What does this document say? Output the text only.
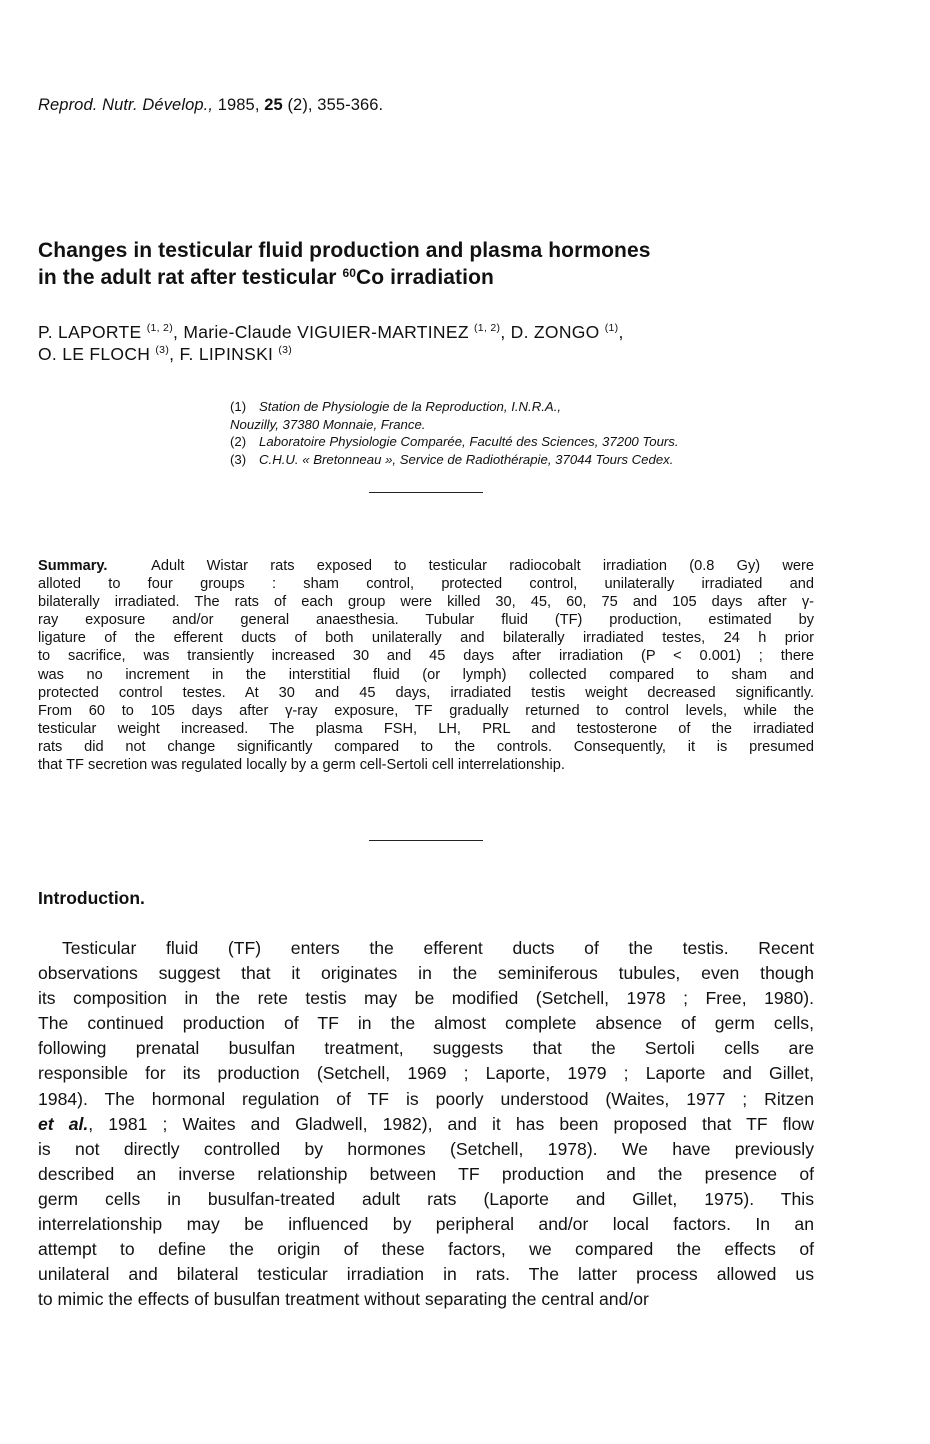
Reprod. Nutr. Dévelop., 1985, 25 (2), 355-366.
Changes in testicular fluid production and plasma hormones
in the adult rat after testicular $^{60}$Co irradiation
P. LAPORTE $^{(1, 2)}$, Marie-Claude VIGUIER-MARTINEZ $^{(1, 2)}$, D. ZONGO $^{(1)}$,
O. LE FLOCH $^{(3)}$, F. LIPINSKI $^{(3)}$
(1) Station de Physiologie de la Reproduction, I.N.R.A.,
Nouzilly, 37380 Monnaie, France.
(2) Laboratoire Physiologie Comparée, Faculté des Sciences, 37200 Tours.
(3) C.H.U. « Bretonneau », Service de Radiothérapie, 37044 Tours Cedex.
Summary.	Adult Wistar rats exposed to testicular radiocobalt irradiation (0.8 Gy) were
alloted to four groups : sham control, protected control, unilaterally irradiated and
bilaterally irradiated. The rats of each group were killed 30, 45, 60, 75 and 105 days after γ-
ray exposure and/or general anaesthesia. Tubular fluid (TF) production, estimated by
ligature of the efferent ducts of both unilaterally and bilaterally irradiated testes, 24 h prior
to sacrifice, was transiently increased 30 and 45 days after irradiation (P < 0.001) ; there
was no increment in the interstitial fluid (or lymph) collected compared to sham and
protected control testes. At 30 and 45 days, irradiated testis weight decreased significantly.
From 60 to 105 days after γ-ray exposure, TF gradually returned to control levels, while the
testicular weight increased. The plasma FSH, LH, PRL and testosterone of the irradiated
rats did not change significantly compared to the controls. Consequently, it is presumed
that TF secretion was regulated locally by a germ cell-Sertoli cell interrelationship.
Introduction.
Testicular fluid (TF) enters the efferent ducts of the testis. Recent
observations suggest that it originates in the seminiferous tubules, even though
its composition in the rete testis may be modified (Setchell, 1978 ; Free, 1980).
The continued production of TF in the almost complete absence of germ cells,
following prenatal busulfan treatment, suggests that the Sertoli cells are
responsible for its production (Setchell, 1969 ; Laporte, 1979 ; Laporte and Gillet,
1984). The hormonal regulation of TF is poorly understood (Waites, 1977 ; Ritzen
et al., 1981 ; Waites and Gladwell, 1982), and it has been proposed that TF flow
is not directly controlled by hormones (Setchell, 1978). We have previously
described an inverse relationship between TF production and the presence of
germ cells in busulfan-treated adult rats (Laporte and Gillet, 1975). This
interrelationship may be influenced by peripheral and/or local factors. In an
attempt to define the origin of these factors, we compared the effects of
unilateral and bilateral testicular irradiation in rats. The latter process allowed us
to mimic the effects of busulfan treatment without separating the central and/or
